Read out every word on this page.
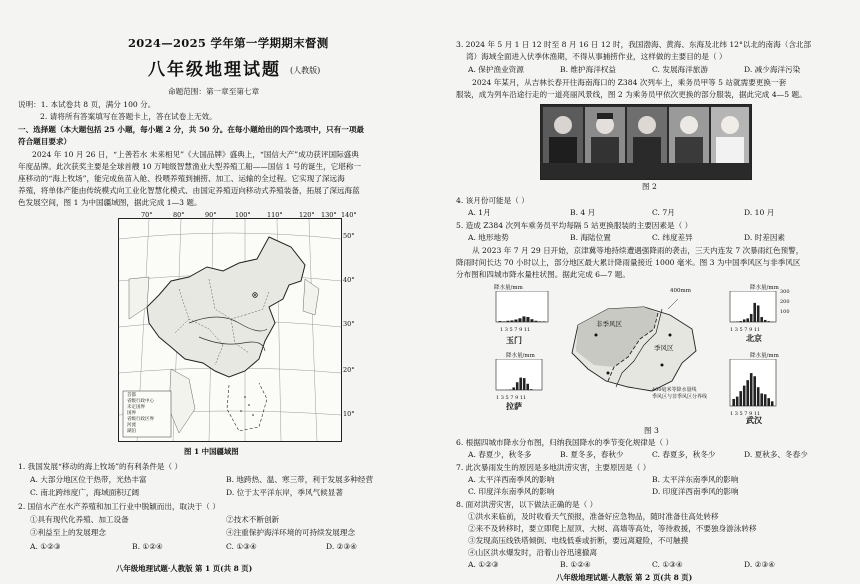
2024—2025 学年第一学期期末督测
八年级地理试题 (人教版)
命题范围：第一章至第七章
说明：1. 本试卷共 8 页，满分 100 分。
2. 请将所有答案填写在答题卡上，答在试卷上无效。
一、选择题（本大题包括 25 小题，每小题 2 分，共 50 分。在每小题给出的四个选项中，只有一项最
符合题目要求）
2024 年 10 月 26 日，“上善若水 未来相见”《大国品牌》盛典上，“国信大产”成功获评国际盛典
年度品牌。此次获奖主要是全球首艘 10 万吨级智慧渔业大型养殖工船——国信 1 号的诞生，它堪称一
座移动的“海上牧场”，能完成鱼苗入舱、投喂养殖到捕捞、加工、运输的全过程。它实现了深远海
养殖，将单体产能由传统模式向工业化智慧化模式、由国定养殖迈向移动式养殖装备，拓展了深远海蓝
色发展空间，图 1 为中国疆域图，据此完成 1—3 题。
70°	80°	90°	100°	110°	120° 130° 140°
50°
40°
30°
20°
10°
首都
省级行政中心
未定国界
国界
省级行政区界
河流
湖泊
图 1 中国疆域图
1. 我国发展“移动的海上牧场”的有利条件是（ ）
A. 大部分地区位于热带，光热丰富	B. 地跨热、温、寒三带，利于发展多种经营
C. 南北跨纬度广，海域面积辽阔	D. 位于太平洋东岸，季风气候显著
2. 国信水产在水产养殖和加工行业中脱颖而出，取决于（ ）
①具有现代化养殖、加工设备	②技术不断创新
③利益至上的发展理念	④注重保护海洋环境的可持续发展理念
A. ①②③	B. ①②④	C. ①③④	D. ②③④
八年级地理试题·人教版 第 1 页(共 8 页)
3. 2024 年 5 月 1 日 12 时至 8 月 16 日 12 时，我国渤海、黄海、东海及北纬 12°以北的南海（含北部
湾）海域全面进入伏季休渔期，不得从事捕捞作业，这样做的主要目的是（ ）
A. 保护渔业资源	B. 维护海洋权益	C. 发展海洋旅游	D. 减少海洋污染
2024 年某月，从吉林长春开往海南海口的 Z384 次列车上，乘务员甲等 5 站就需要更换一套
服装，成为列车沿途行走的一道亮丽风景线，图 2 为乘务员甲依次更换的部分服装，据此完成 4—5 题。
图 2
4. 该月份可能是（ ）
A. 1月	B. 4 月	C. 7月	D. 10 月
5. 造成 Z384 次列车乘务员平均每隔 5 站更换服装的主要因素是（ ）
A. 地形地势	B. 海陆位置	C. 纬度差异	D. 时差因素
从 2023 年 7 月 29 日开始，京津冀等地持续遭遇强降雨的袭击，三天内连发 7 次暴雨红色预警，
降雨时间长达 70 小时以上，部分地区最大累计降雨量接近 1000 毫米。图 3 为中国季风区与非季风区
分布图和四城市降水量柱状图。据此完成 6—7 题。
非季风区
季风区
400mm
400毫米等降水量线
季风区与非季风区分界线
降水量/mm
1 3 5 7 9 11
玉门
降水量/mm
300
200
100
1 3 5 7 9 11
北京
降水量/mm
1 3 5 7 9 11
拉萨
降水量/mm
1 3 5 7 9 11
武汉
图 3
6. 根据四城市降水分布图，归纳我国降水的季节变化规律是（ ）
A. 春夏少，秋冬多	B. 夏冬多，春秋少	C. 春夏多，秋冬少	D. 夏秋多、冬春少
7. 此次暴雨发生的原因是多地洪涝灾害，主要原因是（ ）
A. 太平洋西南季风的影响	B. 太平洋东南季风的影响
C. 印度洋东南季风的影响	D. 印度洋西南季风的影响
8. 面对洪涝灾害，以下做法正确的是（ ）
①洪水来临前，及时收看天气预报，准备好应急物品，随时准备往高处转移
②来不及转移时，要立即爬上屋顶、大树、高墙等高处，等待救援，不要独身游泳转移
③发现高压线铁塔倾倒、电线低垂或折断，要远离避险，不可触摸
④山区洪水爆发时，沿着山谷迅速撤离
A. ①②③	B. ①②④	C. ①③④	D. ②③④
八年级地理试题·人教版 第 2 页(共 8 页)
